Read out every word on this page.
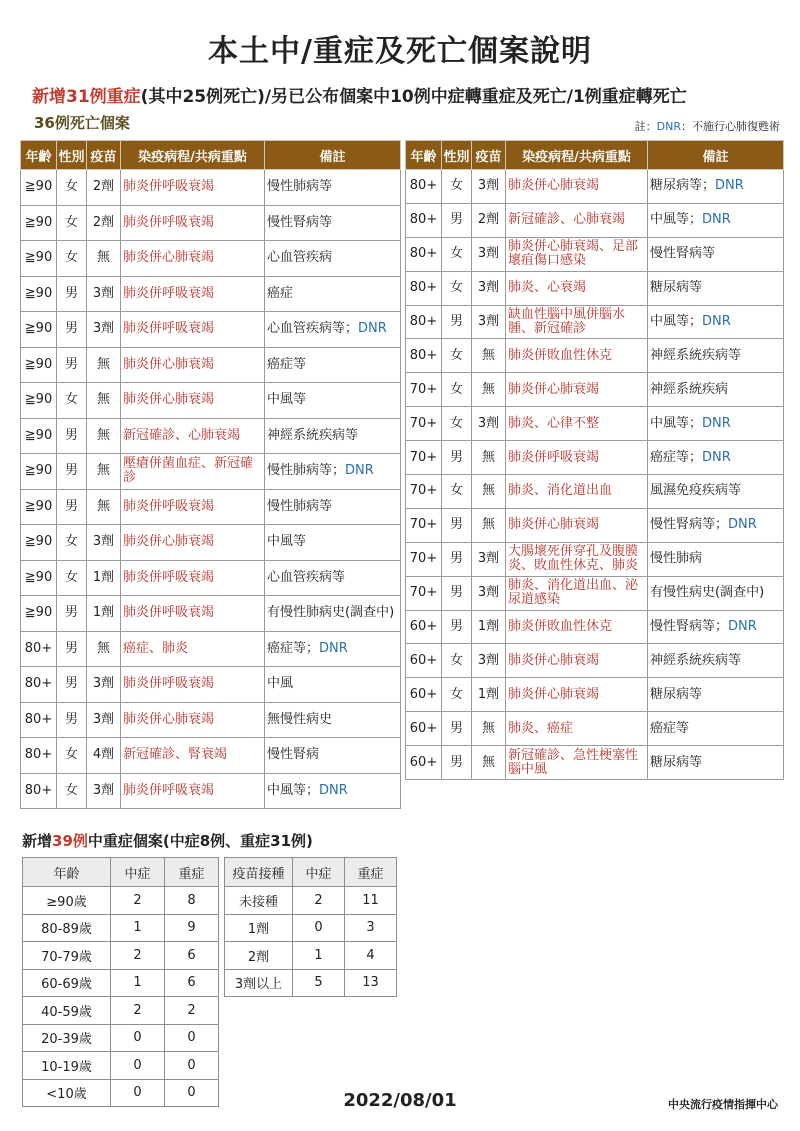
本土中/重症及死亡個案說明
新增31例重症(其中25例死亡)/另已公布個案中10例中症轉重症及死亡/1例重症轉死亡
36例死亡個案	註：DNR：不施行心肺復甦術
年齡	性別	疫苗	染疫病程/共病重點	備註
≧90	女	2劑	肺炎併呼吸衰竭	慢性肺病等
≧90	女	2劑	肺炎併呼吸衰竭	慢性腎病等
≧90	女	無	肺炎併心肺衰竭	心血管疾病
≧90	男	3劑	肺炎併呼吸衰竭	癌症
≧90	男	3劑	肺炎併呼吸衰竭	心血管疾病等；DNR
≧90	男	無	肺炎併心肺衰竭	癌症等
≧90	女	無	肺炎併心肺衰竭	中風等
≧90	男	無	新冠確診、心肺衰竭	神經系統疾病等
≧90	男	無	壓瘡併菌血症、新冠確診	慢性肺病等；DNR
≧90	男	無	肺炎併呼吸衰竭	慢性肺病等
≧90	女	3劑	肺炎併心肺衰竭	中風等
≧90	女	1劑	肺炎併呼吸衰竭	心血管疾病等
≧90	男	1劑	肺炎併呼吸衰竭	有慢性肺病史(調查中)
80+	男	無	癌症、肺炎	癌症等；DNR
80+	男	3劑	肺炎併呼吸衰竭	中風
80+	男	3劑	肺炎併心肺衰竭	無慢性病史
80+	女	4劑	新冠確診、腎衰竭	慢性腎病
80+	女	3劑	肺炎併呼吸衰竭	中風等；DNR
年齡	性別	疫苗	染疫病程/共病重點	備註
80+	女	3劑	肺炎併心肺衰竭	糖尿病等；DNR
80+	男	2劑	新冠確診、心肺衰竭	中風等；DNR
80+	女	3劑	肺炎併心肺衰竭、足部壞疽傷口感染	慢性腎病等
80+	女	3劑	肺炎、心衰竭	糖尿病等
80+	男	3劑	缺血性腦中風併腦水腫、新冠確診	中風等；DNR
80+	女	無	肺炎併敗血性休克	神經系統疾病等
70+	女	無	肺炎併心肺衰竭	神經系統疾病
70+	女	3劑	肺炎、心律不整	中風等；DNR
70+	男	無	肺炎併呼吸衰竭	癌症等；DNR
70+	女	無	肺炎、消化道出血	風濕免疫疾病等
70+	男	無	肺炎併心肺衰竭	慢性腎病等；DNR
70+	男	3劑	大腸壞死併穿孔及腹膜炎、敗血性休克、肺炎	慢性肺病
70+	男	3劑	肺炎、消化道出血、泌尿道感染	有慢性病史(調查中)
60+	男	1劑	肺炎併敗血性休克	慢性腎病等；DNR
60+	女	3劑	肺炎併心肺衰竭	神經系統疾病等
60+	女	1劑	肺炎併心肺衰竭	糖尿病等
60+	男	無	肺炎、癌症	癌症等
60+	男	無	新冠確診、急性梗塞性腦中風	糖尿病等
新增39例中重症個案(中症8例、重症31例)
年齡	中症	重症
≥90歲	2	8
80-89歲	1	9
70-79歲	2	6
60-69歲	1	6
40-59歲	2	2
20-39歲	0	0
10-19歲	0	0
<10歲	0	0
疫苗接種	中症	重症
未接種	2	11
1劑	0	3
2劑	1	4
3劑以上	5	13
2022/08/01	中央流行疫情指揮中心
